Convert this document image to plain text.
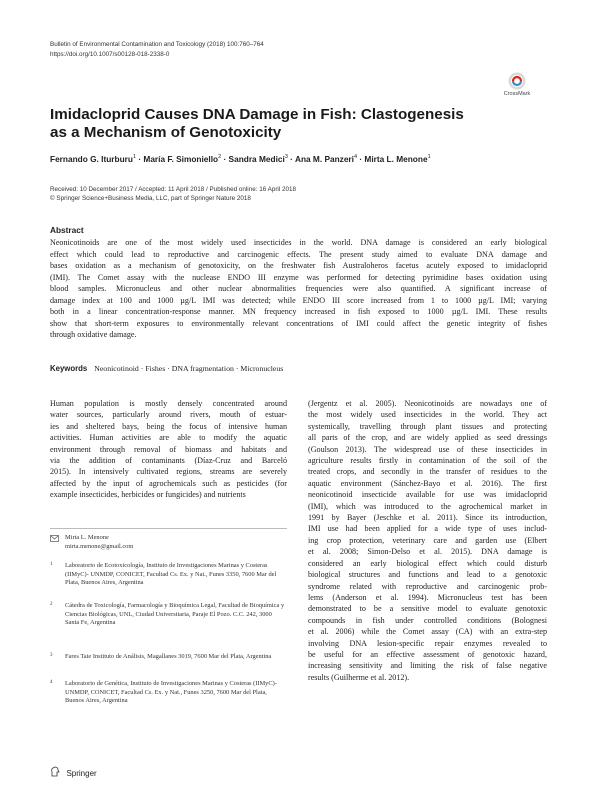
Bulletin of Environmental Contamination and Toxicology (2018) 100:760–764
https://doi.org/10.1007/s00128-018-2338-0
CrossMark
Imidacloprid Causes DNA Damage in Fish: Clastogenesis
as a Mechanism of Genotoxicity
Fernando G. Iturburu$^1$ · María F. Simoniello$^2$ · Sandra Medici$^3$ · Ana M. Panzeri$^4$ · Mirta L. Menone$^1$
Received: 10 December 2017 / Accepted: 11 April 2018 / Published online: 16 April 2018
© Springer Science+Business Media, LLC, part of Springer Nature 2018
Abstract
Neonicotinoids are one of the most widely used insecticides in the world. DNA damage is considered an early biological
effect which could lead to reproductive and carcinogenic effects. The present study aimed to evaluate DNA damage and
bases oxidation as a mechanism of genotoxicity, on the freshwater fish Australoheros facetus acutely exposed to imidacloprid
(IMI). The Comet assay with the nuclease ENDO III enzyme was performed for detecting pyrimidine bases oxidation using
blood samples. Micronucleus and other nuclear abnormalities frequencies were also quantified. A significant increase of
damage index at 100 and 1000 µg/L IMI was detected; while ENDO III score increased from 1 to 1000 µg/L IMI; varying
both in a linear concentration-response manner. MN frequency increased in fish exposed to 1000 µg/L IMI. These results
show that short-term exposures to environmentally relevant concentrations of IMI could affect the genetic integrity of fishes
through oxidative damage.
Keywords Neonicotinoid · Fishes · DNA fragmentation · Micronucleus
Human population is mostly densely concentrated around
water sources, particularly around rivers, mouth of estuar-
ies and sheltered bays, being the focus of intensive human
activities. Human activities are able to modify the aquatic
environment through removal of biomass and habitats and
via the addition of contaminants (Díaz-Cruz and Barceló
2015). In intensively cultivated regions, streams are severely
affected by the input of agrochemicals such as pesticides (for
example insecticides, herbicides or fungicides) and nutrients
(Jergentz et al. 2005). Neonicotinoids are nowadays one of
the most widely used insecticides in the world. They act
systemically, travelling through plant tissues and protecting
all parts of the crop, and are widely applied as seed dressings
(Goulson 2013). The widespread use of these insecticides in
agriculture results firstly in contamination of the soil of the
treated crops, and secondly in the transfer of residues to the
aquatic environment (Sánchez-Bayo et al. 2016). The first
neonicotinoid insecticide available for use was imidacloprid
(IMI), which was introduced to the agrochemical market in
1991 by Bayer (Jeschke et al. 2011). Since its introduction,
IMI use had been applied for a wide type of uses includ-
ing crop protection, veterinary care and garden use (Elbert
et al. 2008; Simon-Delso et al. 2015). DNA damage is
considered an early biological effect which could disturb
biological structures and functions and lead to a genotoxic
syndrome related with reproductive and carcinogenic prob-
lems (Anderson et al. 1994). Micronucleus test has been
demonstrated to be a sensitive model to evaluate genotoxic
compounds in fish under controlled conditions (Bolognesi
et al. 2006) while the Comet assay (CA) with an extra-step
involving DNA lesion-specific repair enzymes revealed to
be useful for an effective assessment of genotoxic hazard,
increasing sensitivity and limiting the risk of false negative
results (Guilherme et al. 2012).
Mirta L. Menone
mirta.menone@gmail.com
1 Laboratorio de Ecotoxicología, Instituto de Investigaciones Marinas y Costeras (IIMyC)- UNMDP, CONICET, Facultad Cs. Ex. y Nat., Funes 3350, 7600 Mar del Plata, Buenos Aires, Argentina
2 Cátedra de Toxicología, Farmacología y Bioquímica Legal, Facultad de Bioquímica y Ciencias Biológicas, UNL, Ciudad Universitaria, Paraje El Pozo. C.C. 242, 3000 Santa Fe, Argentina
3 Fares Taie Instituto de Análisis, Magallanes 3019, 7600 Mar del Plata, Argentina
4 Laboratorio de Genética, Instituto de Investigaciones Marinas y Costeras (IIMyC)- UNMDP, CONICET, Facultad Cs. Ex. y Nat., Funes 3250, 7600 Mar del Plata, Buenos Aires, Argentina
Springer
